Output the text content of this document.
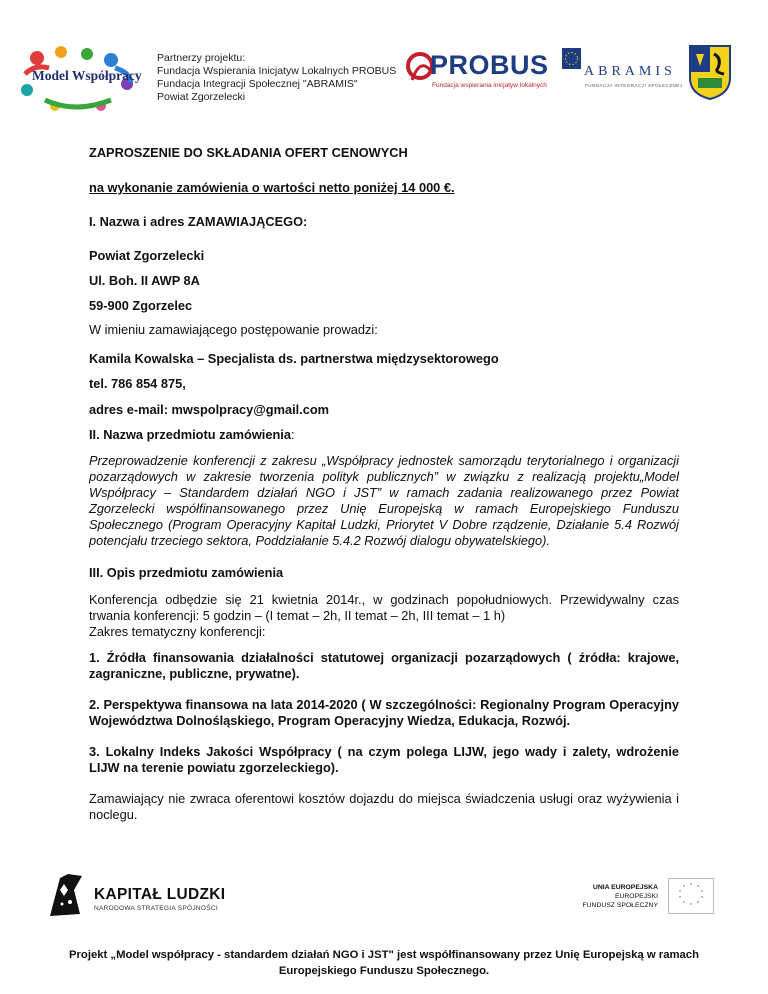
Model Współpracy
Partnerzy projektu:
Fundacja Wspierania Inicjatyw Lokalnych PROBUS
Fundacja Integracji Społecznej "ABRAMIS"
Powiat Zgorzelecki
PROBUS
Fundacja wspierania inicjatyw lokalnych
ABRAMIS
FUNDACJA INTEGRACJI SPOŁECZNEJ
ZAPROSZENIE DO SKŁADANIA OFERT CENOWYCH
na wykonanie zamówienia o wartości netto poniżej 14 000 €.
I. Nazwa i adres ZAMAWIAJĄCEGO:
Powiat Zgorzelecki
Ul. Boh. II AWP 8A
59-900 Zgorzelec
W imieniu zamawiającego postępowanie prowadzi:
Kamila Kowalska – Specjalista ds. partnerstwa międzysektorowego
tel. 786 854 875,
adres e-mail: mwspolpracy@gmail.com
II. Nazwa przedmiotu zamówienia:
Przeprowadzenie konferencji z zakresu „Współpracy jednostek samorządu terytorialnego i organizacji pozarządowych w zakresie tworzenia polityk publicznych” w związku z realizacją projektu„Model Współpracy – Standardem działań NGO i JST” w ramach zadania realizowanego przez Powiat Zgorzelecki współfinansowanego przez Unię Europejską w ramach Europejskiego Funduszu Społecznego (Program Operacyjny Kapitał Ludzki, Priorytet V Dobre rządzenie, Działanie 5.4 Rozwój potencjału trzeciego sektora, Poddziałanie 5.4.2 Rozwój dialogu obywatelskiego).
III. Opis przedmiotu zamówienia
Konferencja odbędzie się 21 kwietnia 2014r., w godzinach popołudniowych. Przewidywalny czas trwania konferencji: 5 godzin – (I temat – 2h, II temat – 2h, III temat – 1 h)
Zakres tematyczny konferencji:
1. Źródła finansowania działalności statutowej organizacji pozarządowych ( źródła: krajowe, zagraniczne, publiczne, prywatne).
2. Perspektywa finansowa na lata 2014-2020 ( W szczególności: Regionalny Program Operacyjny Województwa Dolnośląskiego, Program Operacyjny Wiedza, Edukacja, Rozwój.
3. Lokalny Indeks Jakości Współpracy ( na czym polega LIJW, jego wady i zalety, wdrożenie LIJW na terenie powiatu zgorzeleckiego).
Zamawiający nie zwraca oferentowi kosztów dojazdu do miejsca świadczenia usługi oraz wyżywienia i noclegu.
KAPITAŁ LUDZKI
NARODOWA STRATEGIA SPÓJNOŚCI
UNIA EUROPEJSKA
EUROPEJSKI
FUNDUSZ SPOŁECZNY
* *
*
*
*
*
*
*
*
*
Projekt „Model współpracy - standardem działań NGO i JST" jest współfinansowany przez Unię Europejską w ramach Europejskiego Funduszu Społecznego.
